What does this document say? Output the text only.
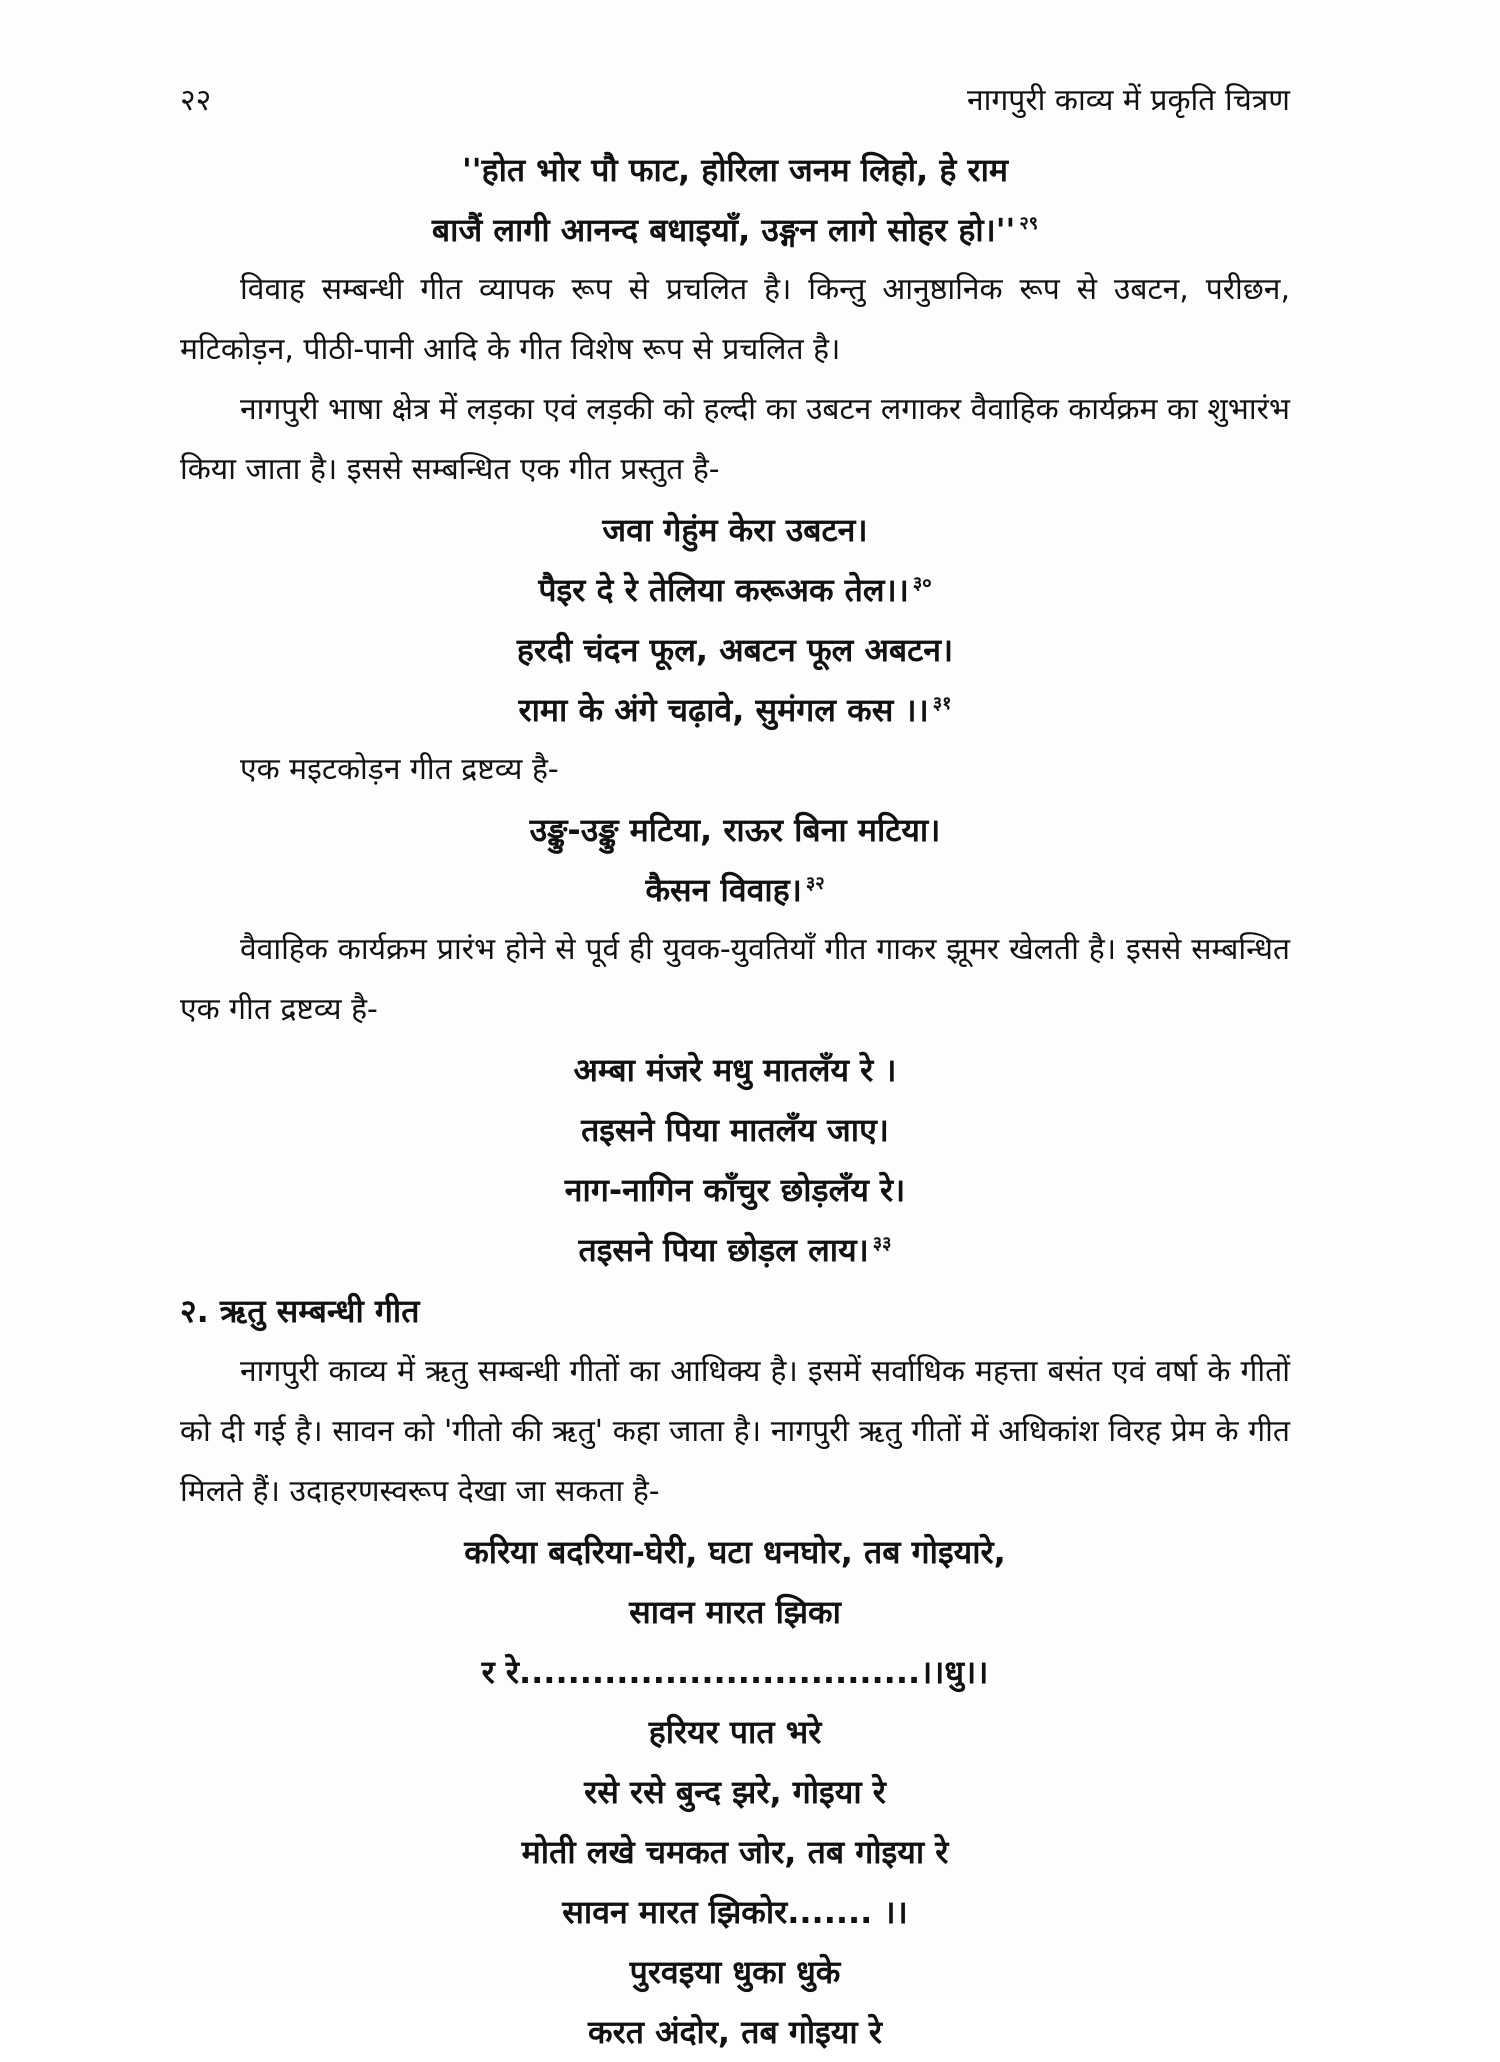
२२	नागपुरी काव्य में प्रकृति चित्रण
''होत भोर पौ फाट, होरिला जनम लिहो, हे राम
बाजैं लागी आनन्द बधाइयाँ, उङ्गन लागे सोहर हो।'' $^{२९}$

विवाह सम्बन्धी गीत व्यापक रूप से प्रचलित है। किन्तु आनुष्ठानिक रूप से उबटन, परीछन, मटिकोड़न, पीठी-पानी आदि के गीत विशेष रूप से प्रचलित है।

नागपुरी भाषा क्षेत्र में लड़का एवं लड़की को हल्दी का उबटन लगाकर वैवाहिक कार्यक्रम का शुभारंभ किया जाता है। इससे सम्बन्धित एक गीत प्रस्तुत है-

जवा गेहुंम केरा उबटन।
पैइर दे रे तेलिया करूअक तेल।। $^{३०}$
हरदी चंदन फूल, अबटन फूल अबटन।
रामा के अंगे चढ़ावे, सुमंगल कस ।। $^{३१}$

एक मइटकोड़न गीत द्रष्टव्य है-

उङ्कु-उङ्कु मटिया, राऊर बिना मटिया।
कैसन विवाह। $^{३२}$

वैवाहिक कार्यक्रम प्रारंभ होने से पूर्व ही युवक-युवतियाँ गीत गाकर झूमर खेलती है। इससे सम्बन्धित एक गीत द्रष्टव्य है-

अम्बा मंजरे मधु मातलँय रे ।
तइसने पिया मातलँय जाए।
नाग-नागिन काँचुर छोड़लँय रे।
तइसने पिया छोड़ल लाय। $^{३३}$
२. ऋतु सम्बन्धी गीत

नागपुरी काव्य में ऋतु सम्बन्धी गीतों का आधिक्य है। इसमें सर्वाधिक महत्ता बसंत एवं वर्षा के गीतों को दी गई है। सावन को 'गीतो की ऋतु' कहा जाता है। नागपुरी ऋतु गीतों में अधिकांश विरह प्रेम के गीत मिलते हैं। उदाहरणस्वरूप देखा जा सकता है-

करिया बदरिया-घेरी, घटा धनघोर, तब गोइयारे,
सावन मारत झिका
र रे.................................।।धु।।
हरियर पात भरे
रसे रसे बुन्द झरे, गोइया रे
मोती लखे चमकत जोर, तब गोइया रे
सावन मारत झिकोर....... ।।
पुरवइया धुका धुके
करत अंदोर, तब गोइया रे
